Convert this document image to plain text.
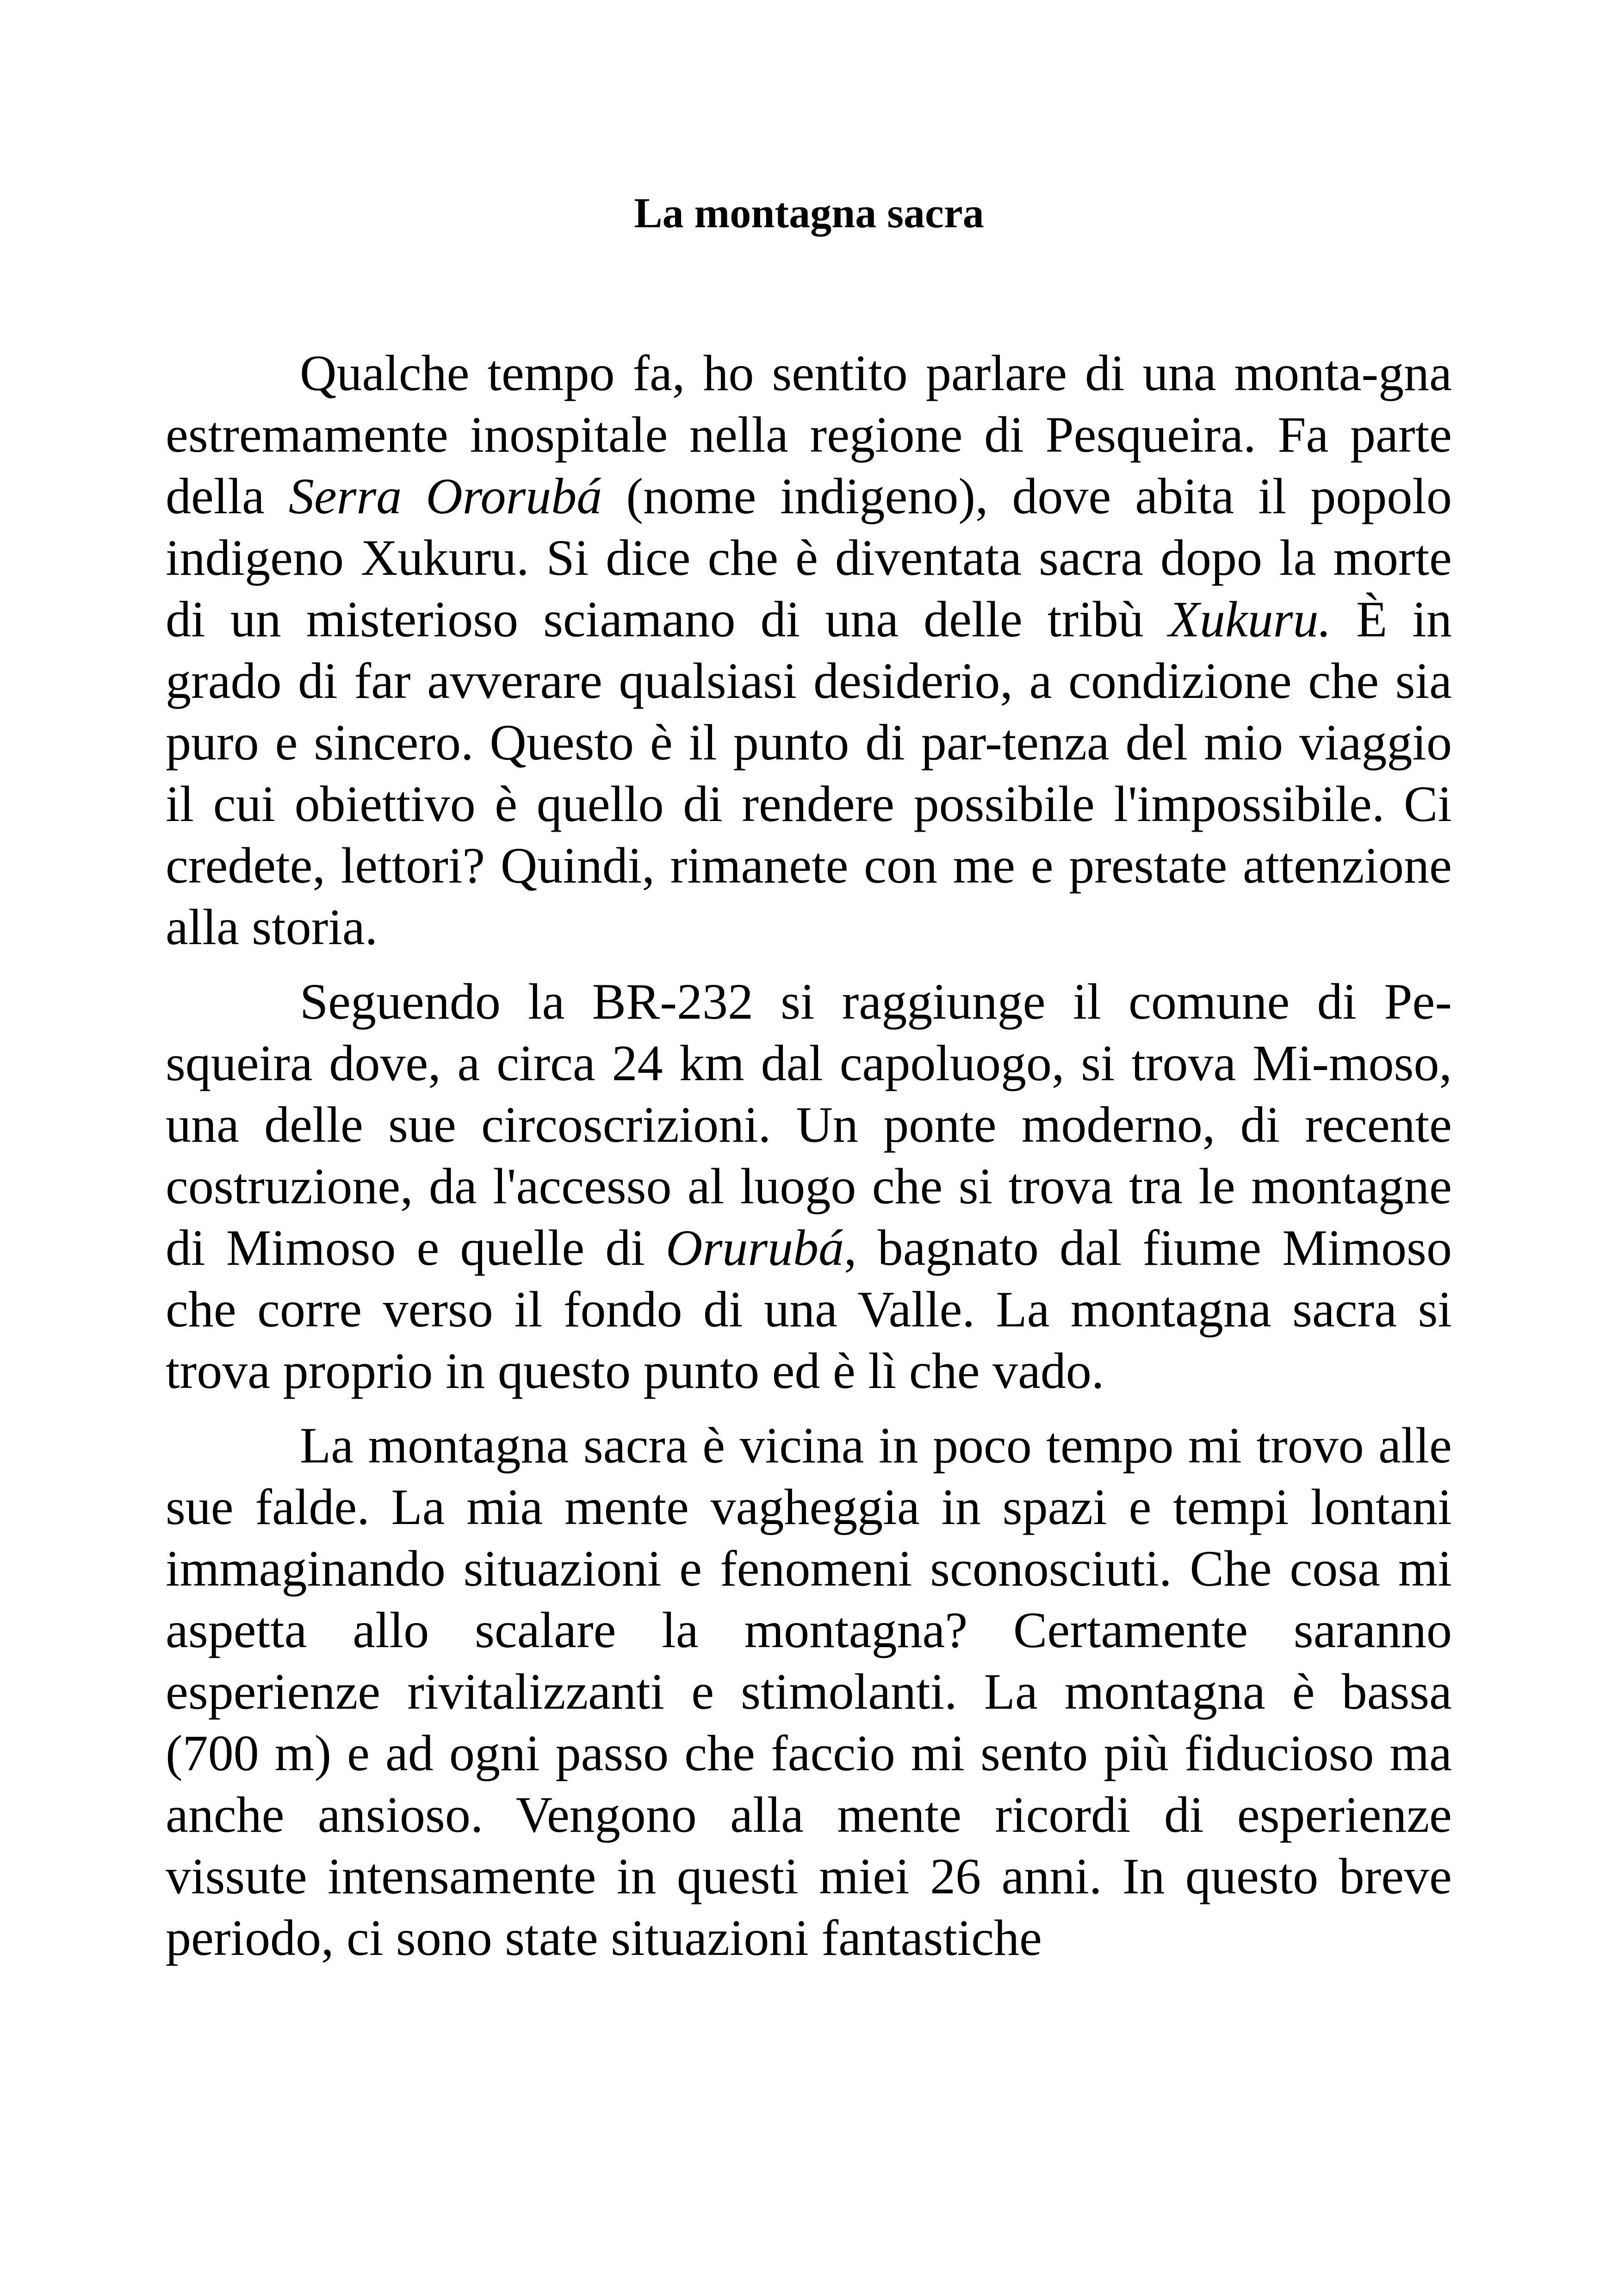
La montagna sacra

Qualche tempo fa, ho sentito parlare di una monta-gna estremamente inospitale nella regione di Pesqueira. Fa parte della Serra Ororubá (nome indigeno), dove abita il popolo indigeno Xukuru. Si dice che è diventata sacra dopo la morte di un misterioso sciamano di una delle tribù Xukuru. È in grado di far avverare qualsiasi desiderio, a condizione che sia puro e sincero. Questo è il punto di par-tenza del mio viaggio il cui obiettivo è quello di rendere possibile l'impossibile. Ci credete, lettori? Quindi, rimanete con me e prestate attenzione alla storia.

Seguendo la BR-232 si raggiunge il comune di Pe-squeira dove, a circa 24 km dal capoluogo, si trova Mi-moso, una delle sue circoscrizioni. Un ponte moderno, di recente costruzione, da l'accesso al luogo che si trova tra le montagne di Mimoso e quelle di Orurubá, bagnato dal fiume Mimoso che corre verso il fondo di una Valle. La montagna sacra si trova proprio in questo punto ed è lì che vado.

La montagna sacra è vicina in poco tempo mi trovo alle sue falde. La mia mente vagheggia in spazi e tempi lontani immaginando situazioni e fenomeni sconosciuti. Che cosa mi aspetta allo scalare la montagna? Certamente saranno esperienze rivitalizzanti e stimolanti. La montagna è bassa (700 m) e ad ogni passo che faccio mi sento più fiducioso ma anche ansioso. Vengono alla mente ricordi di esperienze vissute intensamente in questi miei 26 anni. In questo breve periodo, ci sono state situazioni fantastiche
